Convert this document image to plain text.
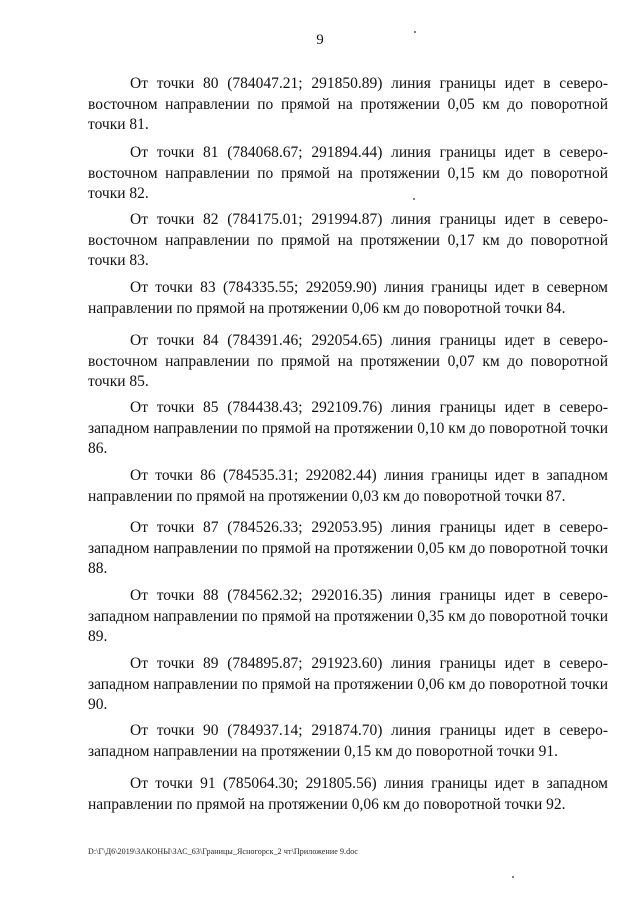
9
От точки 80 (784047.21; 291850.89) линия границы идет в северо-восточном направлении по прямой на протяжении 0,05 км до поворотной точки 81.
От точки 81 (784068.67; 291894.44) линия границы идет в северо-восточном направлении по прямой на протяжении 0,15 км до поворотной точки 82.
От точки 82 (784175.01; 291994.87) линия границы идет в северо-восточном направлении по прямой на протяжении 0,17 км до поворотной точки 83.
От точки 83 (784335.55; 292059.90) линия границы идет в северном направлении по прямой на протяжении 0,06 км до поворотной точки 84.
От точки 84 (784391.46; 292054.65) линия границы идет в северо-восточном направлении по прямой на протяжении 0,07 км до поворотной точки 85.
От точки 85 (784438.43; 292109.76) линия границы идет в северо-западном направлении по прямой на протяжении 0,10 км до поворотной точки 86.
От точки 86 (784535.31; 292082.44) линия границы идет в западном направлении по прямой на протяжении 0,03 км до поворотной точки 87.
От точки 87 (784526.33; 292053.95) линия границы идет в северо-западном направлении по прямой на протяжении 0,05 км до поворотной точки 88.
От точки 88 (784562.32; 292016.35) линия границы идет в северо-западном направлении по прямой на протяжении 0,35 км до поворотной точки 89.
От точки 89 (784895.87; 291923.60) линия границы идет в северо-западном направлении по прямой на протяжении 0,06 км до поворотной точки 90.
От точки 90 (784937.14; 291874.70) линия границы идет в северо-западном направлении на протяжении 0,15 км до поворотной точки 91.
От точки 91 (785064.30; 291805.56) линия границы идет в западном направлении по прямой на протяжении 0,06 км до поворотной точки 92.
D:\Г\Д6\2019\ЗАКОНЫ\ЗАС_63\Границы_Ясногорск_2 чт\Приложение 9.doc
